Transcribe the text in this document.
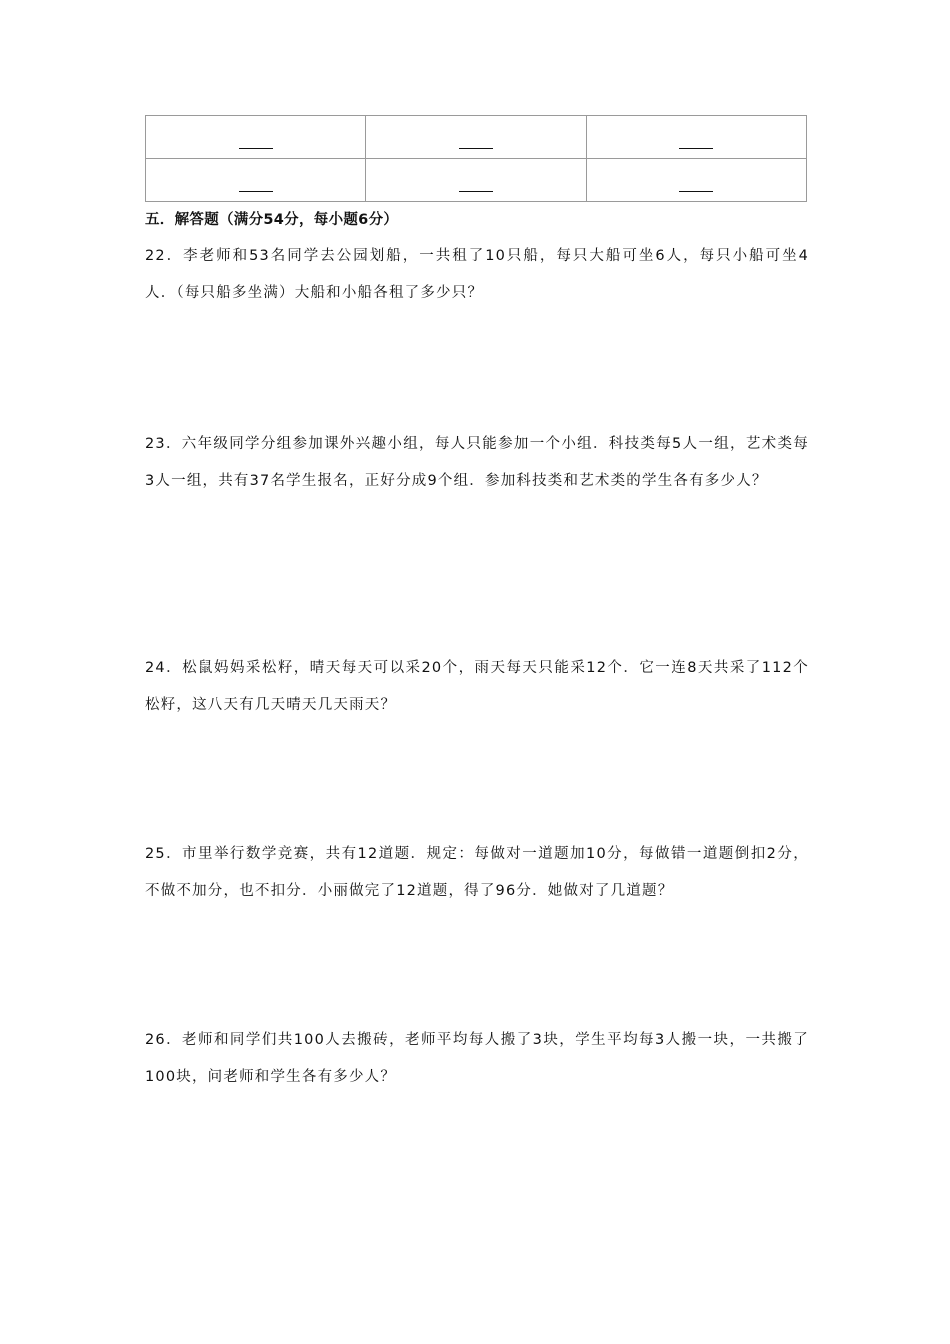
五．解答题（满分54分，每小题6分）
22．李老师和53名同学去公园划船，一共租了10只船，每只大船可坐6人，每只小船可坐4人．（每只船多坐满）大船和小船各租了多少只？
23．六年级同学分组参加课外兴趣小组，每人只能参加一个小组．科技类每5人一组，艺术类每3人一组，共有37名学生报名，正好分成9个组．参加科技类和艺术类的学生各有多少人？
24．松鼠妈妈采松籽，晴天每天可以采20个，雨天每天只能采12个．它一连8天共采了112个松籽，这八天有几天晴天几天雨天？
25．市里举行数学竞赛，共有12道题．规定：每做对一道题加10分，每做错一道题倒扣2分，不做不加分，也不扣分．小丽做完了12道题，得了96分．她做对了几道题？
26．老师和同学们共100人去搬砖，老师平均每人搬了3块，学生平均每3人搬一块，一共搬了100块，问老师和学生各有多少人？
